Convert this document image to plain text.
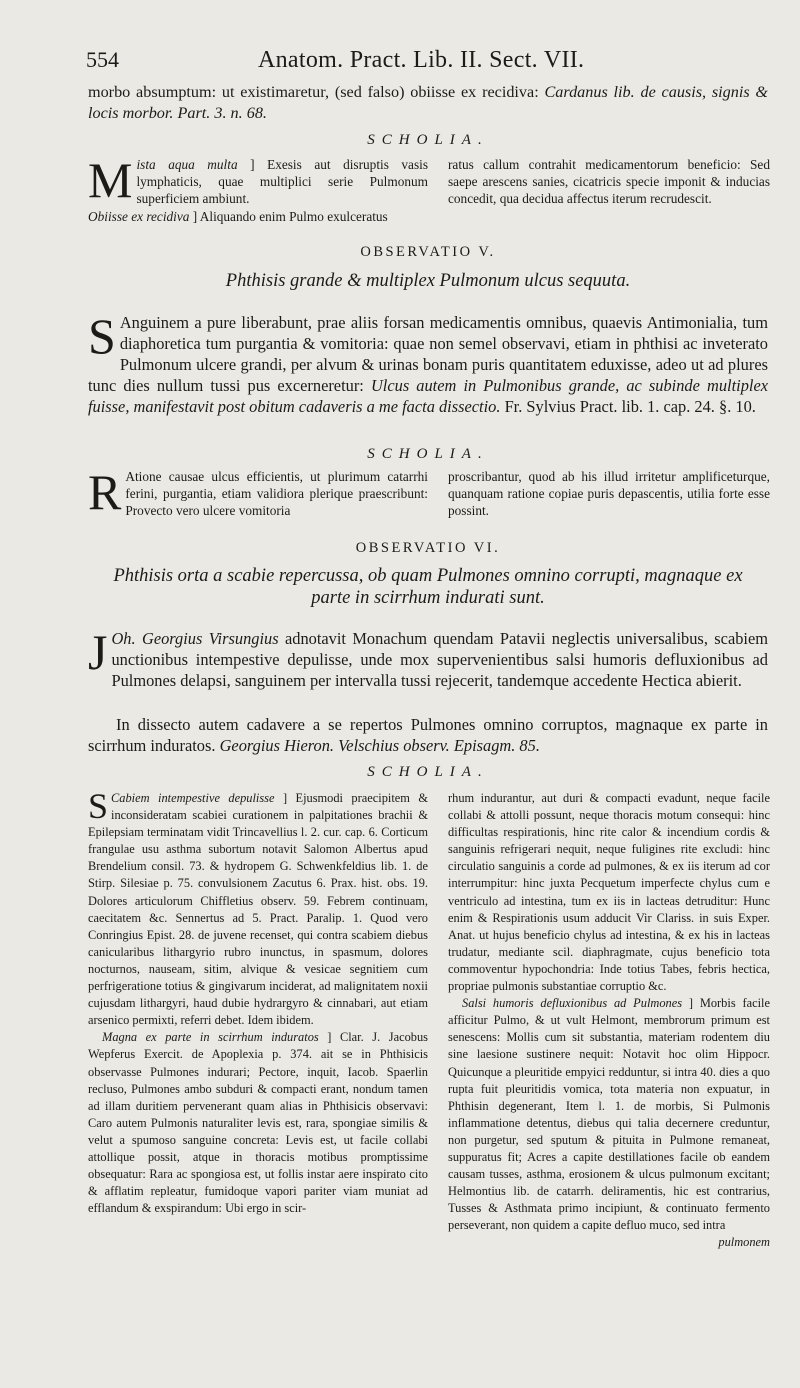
554	Anatom. Pract. Lib. II. Sect. VII.

morbo absumptum: ut existimaretur, (sed falso) obiisse ex recidiva: Cardanus lib. de causis, signis & locis morbor. Part. 3. n. 68.

SCHOLIA.

M ista aqua multa ] Exesis aut disruptis vasis lymphaticis, quae multiplici serie Pulmonum superficiem ambiunt.

Obiisse ex recidiva ] Aliquando enim Pulmo exulceratus

ratus callum contrahit medicamentorum beneficio: Sed saepe arescens sanies, cicatricis specie imponit & inducias concedit, qua decidua affectus iterum recrudescit.

OBSERVATIO V.
Phthisis grande & multiplex Pulmonum ulcus sequuta.

S Anguinem a pure liberabunt, prae aliis forsan medicamentis omnibus, quaevis Antimonialia, tum diaphoretica tum purgantia & vomitoria: quae non semel observavi, etiam in phthisi ac inveterato Pulmonum ulcere grandi, per alvum & urinas bonam puris quantitatem eduxisse, adeo ut ad plures tunc dies nullum tussi pus excerneretur: Ulcus autem in Pulmonibus grande, ac subinde multiplex fuisse, manifestavit post obitum cadaveris a me facta dissectio. Fr. Sylvius Pract. lib. 1. cap. 24. §. 10.

SCHOLIA.

R Atione causae ulcus efficientis, ut plurimum catarrhi ferini, purgantia, etiam validiora plerique praescribunt: Provecto vero ulcere vomitoria

proscribantur, quod ab his illud irritetur amplificeturque, quanquam ratione copiae puris depascentis, utilia forte esse possint.

OBSERVATIO VI.
Phthisis orta a scabie repercussa, ob quam Pulmones omnino corrupti, magnaque ex
parte in scirrhum indurati sunt.

J Oh. Georgius Virsungius adnotavit Monachum quendam Patavii neglectis universalibus, scabiem unctionibus intempestive depulisse, unde mox supervenientibus salsi humoris defluxionibus ad Pulmones delapsi, sanguinem per intervalla tussi rejecerit, tandemque accedente Hectica abierit.

In dissecto autem cadavere a se repertos Pulmones omnino corruptos, magnaque ex parte in scirrhum induratos. Georgius Hieron. Velschius observ. Episagm. 85.

SCHOLIA.

S Cabiem intempestive depulisse ] Ejusmodi praecipitem & inconsideratam scabiei curationem in palpitationes brachii & Epilepsiam terminatam vidit Trincavellius l. 2. cur. cap. 6. Corticum frangulae usu asthma subortum notavit Salomon Albertus apud Brendelium consil. 73. & hydropem G. Schwenkfeldius lib. 1. de Stirp. Silesiae p. 75. convulsionem Zacutus 6. Prax. hist. obs. 19. Dolores articulorum Chiffletius observ. 59. Febrem continuam, caecitatem &c. Sennertus ad 5. Pract. Paralip. 1. Quod vero Conringius Epist. 28. de juvene recenset, qui contra scabiem diebus canicularibus lithargyrio rubro inunctus, in spasmum, dolores nocturnos, nauseam, sitim, alvique & vesicae segnitiem cum perfrigeratione totius & gingivarum inciderat, ad malignitatem noxii cujusdam lithargyri, haud dubie hydrargyro & cinnabari, aut etiam arsenico permixti, referri debet. Idem ibidem.

Magna ex parte in scirrhum induratos ] Clar. J. Jacobus Wepferus Exercit. de Apoplexia p. 374. ait se in Phthisicis observasse Pulmones indurari; Pectore, inquit, Iacob. Spaerlin recluso, Pulmones ambo subduri & compacti erant, nondum tamen ad illam duritiem pervenerant quam alias in Phthisicis observavi: Caro autem Pulmonis naturaliter levis est, rara, spongiae similis & velut a spumoso sanguine concreta: Levis est, ut facile collabi attollique possit, atque in thoracis motibus promptissime obsequatur: Rara ac spongiosa est, ut follis instar aere inspirato cito & afflatim repleatur, fumidoque vapori pariter viam muniat ad efflandum & exspirandum: Ubi ergo in scir-

rhum indurantur, aut duri & compacti evadunt, neque facile collabi & attolli possunt, neque thoracis motum consequi: hinc difficultas respirationis, hinc rite calor & incendium cordis & sanguinis refrigerari nequit, neque fuligines rite excludi: hinc circulatio sanguinis a corde ad pulmones, & ex iis iterum ad cor interrumpitur: hinc juxta Pecquetum imperfecte chylus cum e ventriculo ad intestina, tum ex iis in lacteas detruditur: Hunc enim & Respirationis usum adducit Vir Clariss. in suis Exper. Anat. ut hujus beneficio chylus ad intestina, & ex his in lacteas trudatur, mediante scil. diaphragmate, cujus beneficio tota commoventur hypochondria: Inde totius Tabes, febris hectica, propriae pulmonis substantiae corruptio &c.

Salsi humoris defluxionibus ad Pulmones ] Morbis facile afficitur Pulmo, & ut vult Helmont, membrorum primum est senescens: Mollis cum sit substantia, materiam rodentem diu sine laesione sustinere nequit: Notavit hoc olim Hippocr. Quicunque a pleuritide empyici redduntur, si intra 40. dies a quo rupta fuit pleuritidis vomica, tota materia non expuatur, in Phthisin degenerant, Item l. 1. de morbis, Si Pulmonis inflammatione detentus, diebus qui talia decernere creduntur, non purgetur, sed sputum & pituita in Pulmone remaneat, suppuratus fit; Acres a capite destillationes facile ob eandem causam tusses, asthma, erosionem & ulcus pulmonum excitant; Helmontius lib. de catarrh. deliramentis, hic est contrarius, Tusses & Asthmata primo incipiunt, & continuato fermento perseverant, non quidem a capite defluo muco, sed intra

pulmonem
